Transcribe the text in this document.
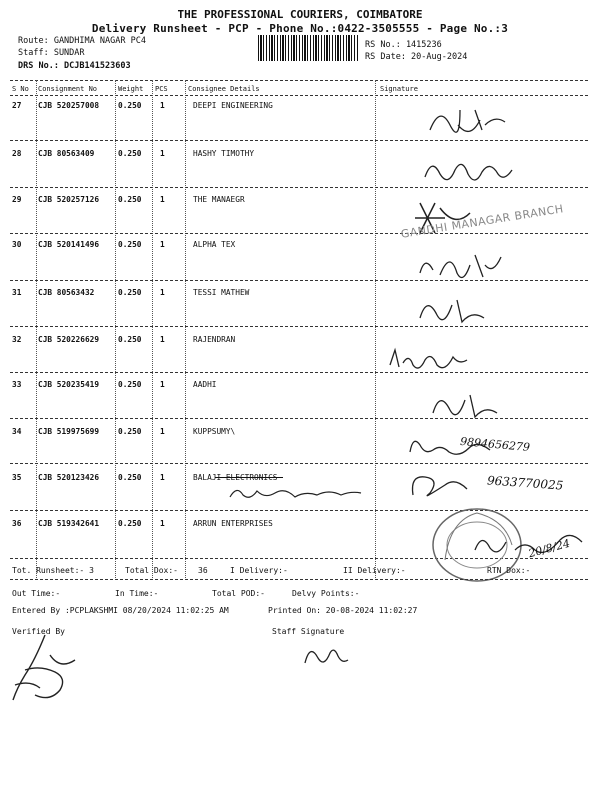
THE PROFESSIONAL COURIERS, COIMBATORE
Delivery Runsheet - PCP - Phone No.:0422-3505555 - Page No.:3
Route: GANDHIMA NAGAR PC4
Staff: SUNDAR
DRS No.: DCJB141523603
RS No.: 1415236
RS Date: 20-Aug-2024
S No Consignment No	Weight PCS	Consignee Details	Signature
27 CJB 520257008 0.250 1	DEEPI ENGINEERING
28 CJB 80563409	0.250 1	HASHY TIMOTHY
29 CJB 520257126 0.250 1	THE MANAEGR
30 CJB 520141496 0.250 1	ALPHA TEX
31 CJB 80563432	0.250 1	TESSI MATHEW
32 CJB 520226629 0.250 1	RAJENDRAN
33 CJB 520235419 0.250 1	AADHI
34 CJB 519975699 0.250 1	KUPPSUMY\
35 CJB 520123426 0.250 1	BALAJI ELECTRONICS
36 CJB 519342641 0.250 1	ARRUN ENTERPRISES
9894656279
9633770025
GANDHI MANAGAR BRANCH
20/8/24
Tot. Runsheet:- 3	Total Dox:-	36	I Delivery:-	II Delivery:-	RTN Dox:-
Out Time:-	In Time:-	Total POD:-	Delvy Points:-
Entered By :PCPLAKSHMI 08/20/2024 11:02:25 AM	Printed On: 20-08-2024 11:02:27
Verified By	Staff Signature
